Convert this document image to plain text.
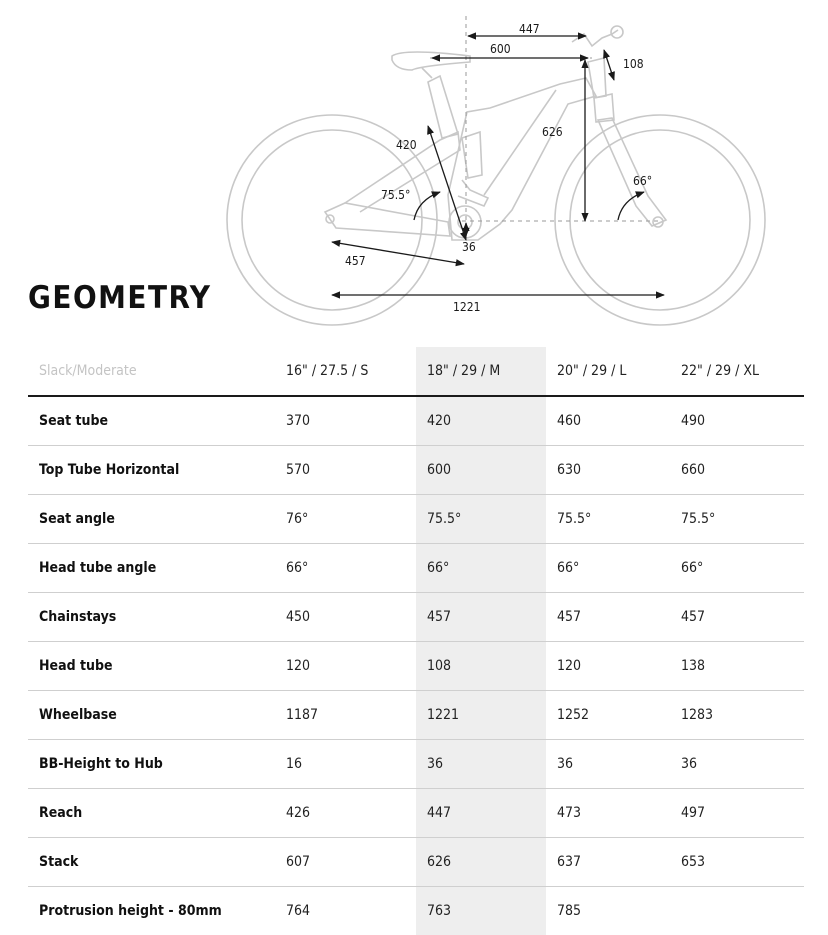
447
600
108
626
420
75.5°
66°
36
457
1221
GEOMETRY
Slack/Moderate	16" / 27.5 / S	18" / 29 / M	20" / 29 / L	22" / 29 / XL
Seat tube	370	420	460	490
Top Tube Horizontal	570	600	630	660
Seat angle	76°	75.5°	75.5°	75.5°
Head tube angle	66°	66°	66°	66°
Chainstays	450	457	457	457
Head tube	120	108	120	138
Wheelbase	1187	1221	1252	1283
BB-Height to Hub	16	36	36	36
Reach	426	447	473	497
Stack	607	626	637	653
Protrusion height - 80mm	764	763	785	
